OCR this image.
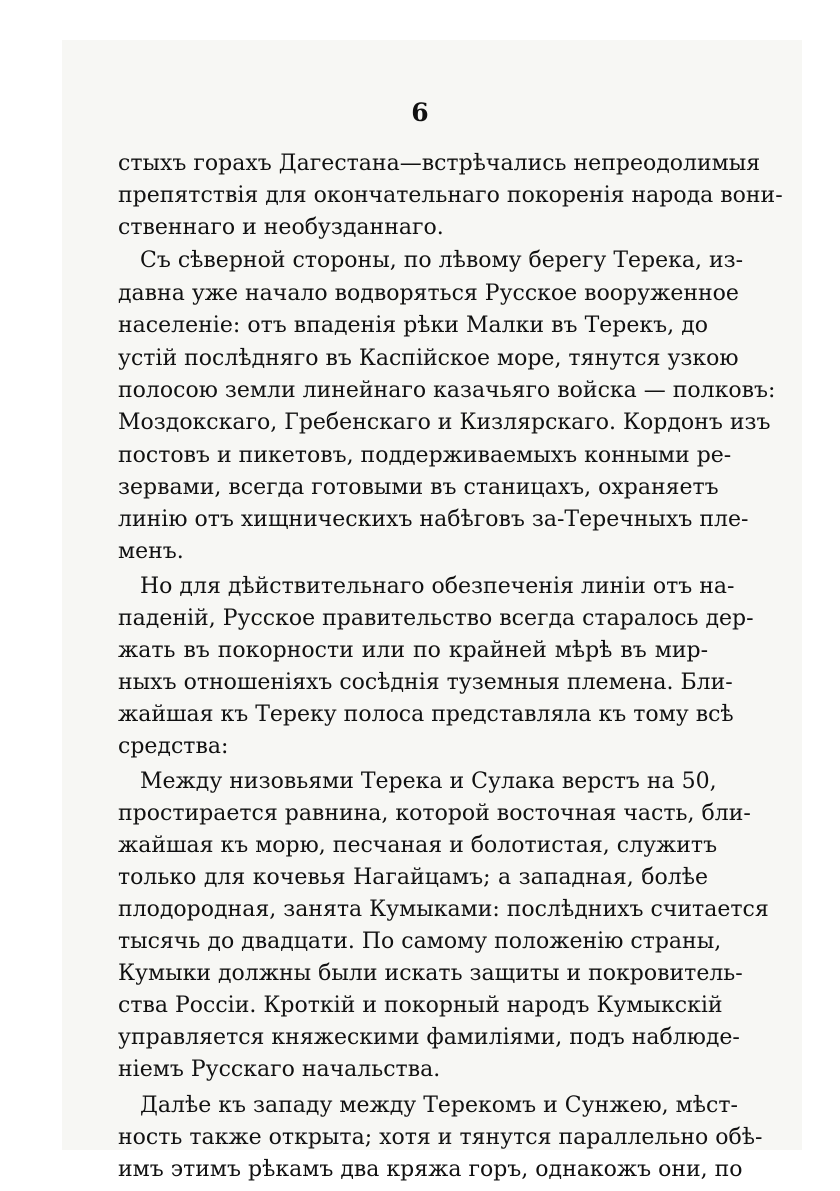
6
стыхъ горахъ Дагестана—встрѣчались непреодолимыя
препятствія для окончательнаго покоренія народа вони-
ственнаго и необузданнаго.
Съ сѣверной стороны, по лѣвому берегу Терека, из-
давна уже начало водворяться Русское вооруженное
населеніе: отъ впаденія рѣки Малки въ Терекъ, до
устій послѣдняго въ Каспійское море, тянутся узкою
полосою земли линейнаго казачьяго войска — полковъ:
Моздокскаго, Гребенскаго и Кизлярскаго. Кордонъ изъ
постовъ и пикетовъ, поддерживаемыхъ конными ре-
зервами, всегда готовыми въ станицахъ, охраняетъ
линію отъ хищническихъ набѣговъ за-Теречныхъ пле-
менъ.
Но для дѣйствительнаго обезпеченія линіи отъ на-
паденій, Русское правительство всегда старалось дер-
жать въ покорности или по крайней мѣрѣ въ мир-
ныхъ отношеніяхъ сосѣднія туземныя племена. Бли-
жайшая къ Тереку полоса представляла къ тому всѣ
средства:
Между низовьями Терека и Сулака верстъ на 50,
простирается равнина, которой восточная часть, бли-
жайшая къ морю, песчаная и болотистая, служитъ
только для кочевья Нагайцамъ; а западная, болѣе
плодородная, занята Кумыками: послѣднихъ считается
тысячь до двадцати. По самому положенію страны,
Кумыки должны были искать защиты и покровитель-
ства Россіи. Кроткій и покорный народъ Кумыкскій
управляется княжескими фамиліями, подъ наблюде-
ніемъ Русскаго начальства.
Далѣе къ западу между Терекомъ и Сунжею, мѣст-
ность также открыта; хотя и тянутся параллельно обѣ-
имъ этимъ рѣкамъ два кряжа горъ, однакожъ они, по
